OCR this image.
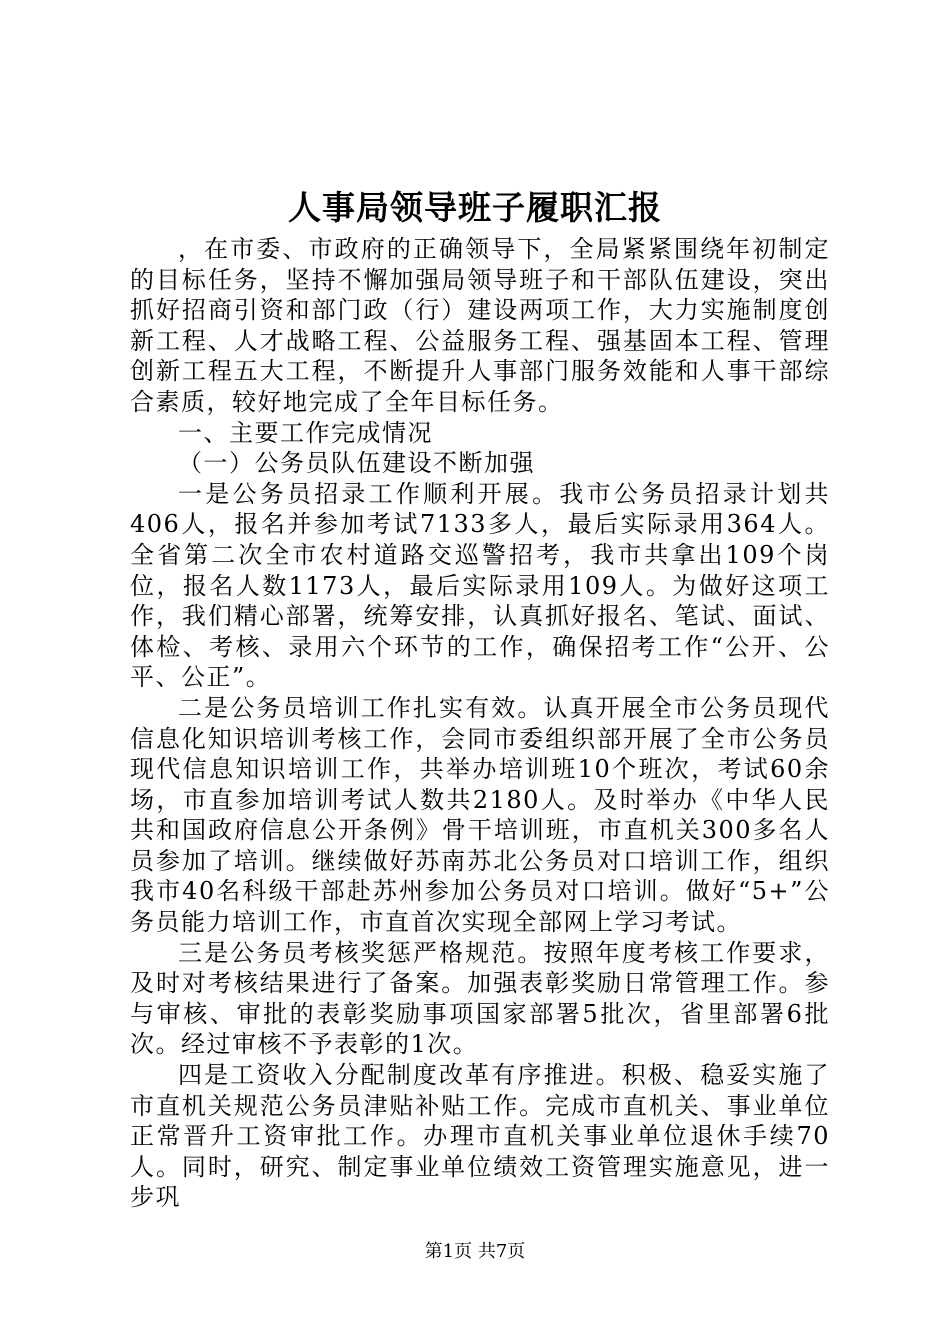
人事局领导班子履职汇报

，在市委、市政府的正确领导下，全局紧紧围绕年初制定的目标任务，坚持不懈加强局领导班子和干部队伍建设，突出抓好招商引资和部门政（行）建设两项工作，大力实施制度创新工程、人才战略工程、公益服务工程、强基固本工程、管理创新工程五大工程，不断提升人事部门服务效能和人事干部综合素质，较好地完成了全年目标任务。

一、主要工作完成情况

（一）公务员队伍建设不断加强

一是公务员招录工作顺利开展。我市公务员招录计划共406人，报名并参加考试7133多人，最后实际录用364人。全省第二次全市农村道路交巡警招考，我市共拿出109个岗位，报名人数1173人，最后实际录用109人。为做好这项工作，我们精心部署，统筹安排，认真抓好报名、笔试、面试、体检、考核、录用六个环节的工作，确保招考工作“公开、公平、公正”。

二是公务员培训工作扎实有效。认真开展全市公务员现代信息化知识培训考核工作，会同市委组织部开展了全市公务员现代信息知识培训工作，共举办培训班10个班次，考试60余场，市直参加培训考试人数共2180人。及时举办《中华人民共和国政府信息公开条例》骨干培训班，市直机关300多名人员参加了培训。继续做好苏南苏北公务员对口培训工作，组织我市40名科级干部赴苏州参加公务员对口培训。做好“5+”公务员能力培训工作，市直首次实现全部网上学习考试。

三是公务员考核奖惩严格规范。按照年度考核工作要求，及时对考核结果进行了备案。加强表彰奖励日常管理工作。参与审核、审批的表彰奖励事项国家部署5批次，省里部署6批次。经过审核不予表彰的1次。

四是工资收入分配制度改革有序推进。积极、稳妥实施了市直机关规范公务员津贴补贴工作。完成市直机关、事业单位正常晋升工资审批工作。办理市直机关事业单位退休手续70人。同时，研究、制定事业单位绩效工资管理实施意见，进一步巩

第1页 共7页
